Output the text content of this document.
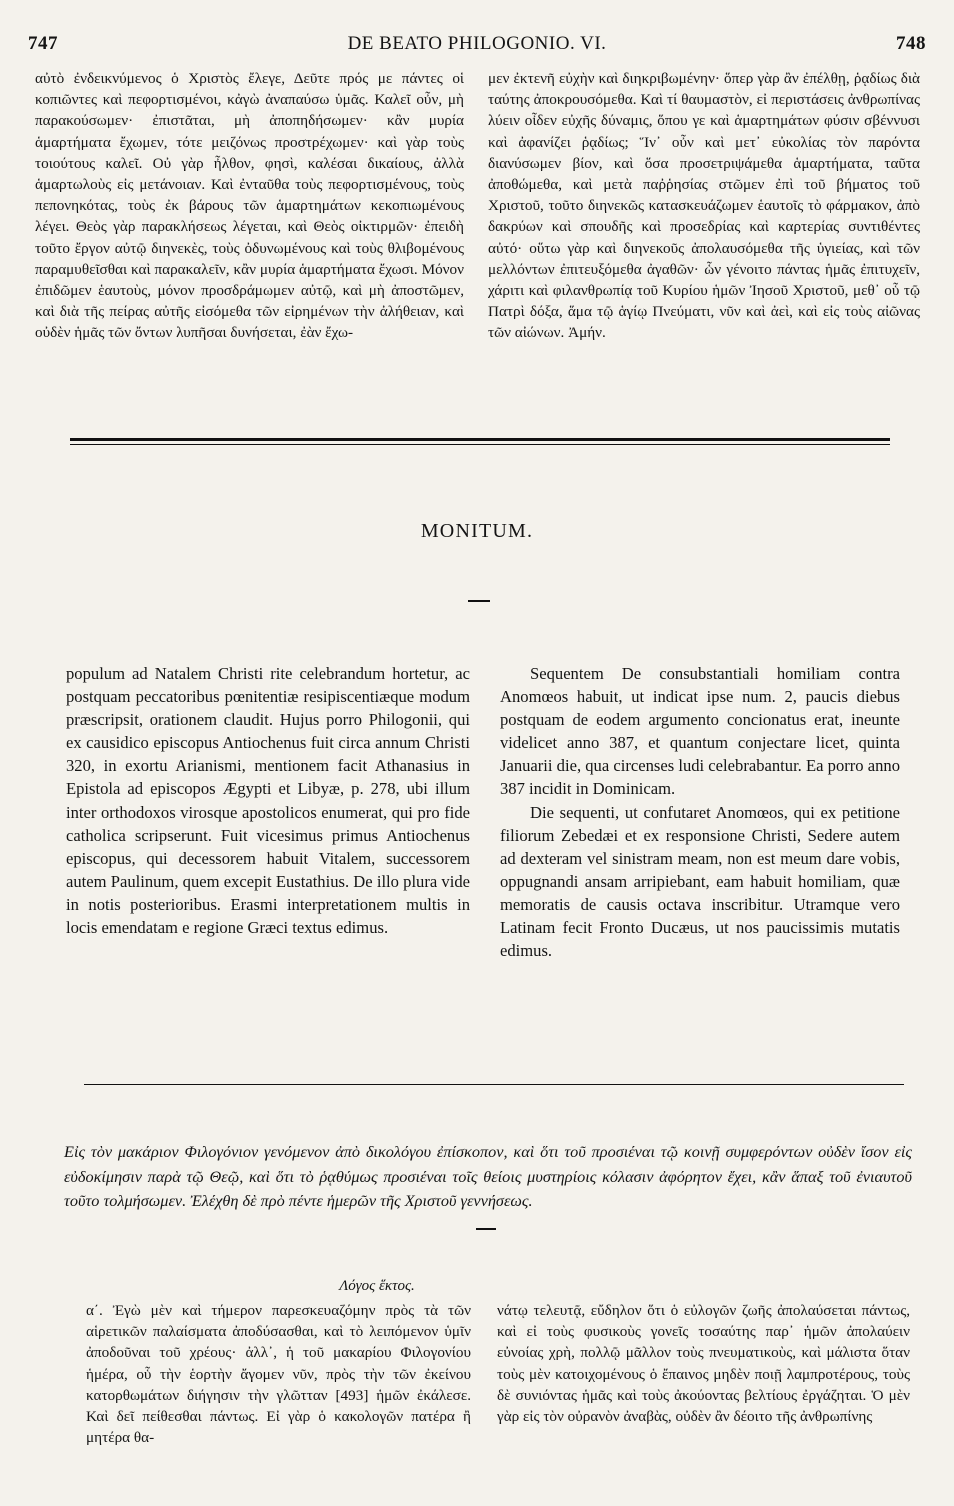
747	DE BEATO PHILOGONIO. VI.	748

αὐτὸ ἐνδεικνύμενος ὁ Χριστὸς ἔλεγε, Δεῦτε πρός με πάντες οἱ κοπιῶντες καὶ πεφορτισμένοι, κἀγὼ ἀναπαύσω ὑμᾶς. Καλεῖ οὖν, μὴ παρακούσωμεν· ἐπιστᾶται, μὴ ἀποπηδήσωμεν· κἂν μυρία ἁμαρτήματα ἔχωμεν, τότε μειζόνως προστρέχωμεν· καὶ γὰρ τοὺς τοιούτους καλεῖ. Οὐ γὰρ ἦλθον, φησὶ, καλέσαι δικαίους, ἀλλὰ ἁμαρτωλοὺς εἰς μετάνοιαν. Καὶ ἐνταῦθα τοὺς πεφορτισμένους, τοὺς πεπονηκότας, τοὺς ἐκ βάρους τῶν ἁμαρτημάτων κεκοπιωμένους λέγει. Θεὸς γὰρ παρακλήσεως λέγεται, καὶ Θεὸς οἰκτιρμῶν· ἐπειδὴ τοῦτο ἔργον αὐτῷ διηνεκὲς, τοὺς ὀδυνωμένους καὶ τοὺς θλιβομένους παραμυθεῖσθαι καὶ παρακαλεῖν, κἂν μυρία ἁμαρτήματα ἔχωσι. Μόνον ἐπιδῶμεν ἑαυτοὺς, μόνον προσδράμωμεν αὐτῷ, καὶ μὴ ἀποστῶμεν, καὶ διὰ τῆς πείρας αὐτῆς εἰσόμεθα τῶν εἰρημένων τὴν ἀλήθειαν, καὶ οὐδὲν ἡμᾶς τῶν ὄντων λυπῆσαι δυνήσεται, ἐὰν ἔχω-

μεν ἐκτενῆ εὐχὴν καὶ διηκριβωμένην· ὅπερ γὰρ ἂν ἐπέλθῃ, ῥᾳδίως διὰ ταύτης ἀποκρουσόμεθα. Καὶ τί θαυμαστὸν, εἰ περιστάσεις ἀνθρωπίνας λύειν οἶδεν εὐχῆς δύναμις, ὅπου γε καὶ ἁμαρτημάτων φύσιν σβέννυσι καὶ ἀφανίζει ῥᾳδίως; Ἵν᾽ οὖν καὶ μετ᾽ εὐκολίας τὸν παρόντα διανύσωμεν βίον, καὶ ὅσα προσετριψάμεθα ἁμαρτήματα, ταῦτα ἀποθώμεθα, καὶ μετὰ παῤῥησίας στῶμεν ἐπὶ τοῦ βήματος τοῦ Χριστοῦ, τοῦτο διηνεκῶς κατασκευάζωμεν ἑαυτοῖς τὸ φάρμακον, ἀπὸ δακρύων καὶ σπουδῆς καὶ προσεδρίας καὶ καρτερίας συντιθέντες αὐτό· οὕτω γὰρ καὶ διηνεκοῦς ἀπολαυσόμεθα τῆς ὑγιείας, καὶ τῶν μελλόντων ἐπιτευξόμεθα ἀγαθῶν· ὧν γένοιτο πάντας ἡμᾶς ἐπιτυχεῖν, χάριτι καὶ φιλανθρωπίᾳ τοῦ Κυρίου ἡμῶν Ἰησοῦ Χριστοῦ, μεθ᾽ οὗ τῷ Πατρὶ δόξα, ἅμα τῷ ἁγίῳ Πνεύματι, νῦν καὶ ἀεὶ, καὶ εἰς τοὺς αἰῶνας τῶν αἰώνων. Ἀμήν.

MONITUM.

populum ad Natalem Christi rite celebrandum hortetur, ac postquam peccatoribus pœnitentiæ resipiscentiæque modum præscripsit, orationem claudit. Hujus porro Philogonii, qui ex causidico episcopus Antiochenus fuit circa annum Christi 320, in exortu Arianismi, mentionem facit Athanasius in Epistola ad episcopos Ægypti et Libyæ, p. 278, ubi illum inter orthodoxos virosque apostolicos enumerat, qui pro fide catholica scripserunt. Fuit vicesimus primus Antiochenus episcopus, qui decessorem habuit Vitalem, successorem autem Paulinum, quem excepit Eustathius. De illo plura vide in notis posterioribus. Erasmi interpretationem multis in locis emendatam e regione Græci textus edimus.

Sequentem De consubstantiali homiliam contra Anomœos habuit, ut indicat ipse num. 2, paucis diebus postquam de eodem argumento concionatus erat, ineunte videlicet anno 387, et quantum conjectare licet, quinta Januarii die, qua circenses ludi celebrabantur. Ea porro anno 387 incidit in Dominicam.

Die sequenti, ut confutaret Anomœos, qui ex petitione filiorum Zebedæi et ex responsione Christi, Sedere autem ad dexteram vel sinistram meam, non est meum dare vobis, oppugnandi ansam arripiebant, eam habuit homiliam, quæ memoratis de causis octava inscribitur. Utramque vero Latinam fecit Fronto Ducæus, ut nos paucissimis mutatis edimus.

Εἰς τὸν μακάριον Φιλογόνιον γενόμενον ἀπὸ δικολόγου ἐπίσκοπον, καὶ ὅτι τοῦ προσιέναι τῷ κοινῇ συμφερόντων οὐδὲν ἴσον εἰς εὐδοκίμησιν παρὰ τῷ Θεῷ, καὶ ὅτι τὸ ῥᾳθύμως προσιέναι τοῖς θείοις μυστηρίοις κόλασιν ἀφόρητον ἔχει, κἂν ἅπαξ τοῦ ἐνιαυτοῦ τοῦτο τολμήσωμεν. Ἐλέχθη δὲ πρὸ πέντε ἡμερῶν τῆς Χριστοῦ γεννήσεως.
Λόγος ἕκτος.

α΄. Ἐγὼ μὲν καὶ τήμερον παρεσκευαζόμην πρὸς τὰ τῶν αἱρετικῶν παλαίσματα ἀποδύσασθαι, καὶ τὸ λειπόμενον ὑμῖν ἀποδοῦναι τοῦ χρέους· ἀλλ᾽, ἡ τοῦ μακαρίου Φιλογονίου ἡμέρα, οὗ τὴν ἑορτὴν ἄγομεν νῦν, πρὸς τὴν τῶν ἐκείνου κατορθωμάτων διήγησιν τὴν γλῶτταν [493] ἡμῶν ἐκάλεσε. Καὶ δεῖ πείθεσθαι πάντως. Εἰ γὰρ ὁ κακολογῶν πατέρα ἢ μητέρα θα-

νάτῳ τελευτᾷ, εὔδηλον ὅτι ὁ εὐλογῶν ζωῆς ἀπολαύσεται πάντως, καὶ εἰ τοὺς φυσικοὺς γονεῖς τοσαύτης παρ᾽ ἡμῶν ἀπολαύειν εὐνοίας χρὴ, πολλῷ μᾶλλον τοὺς πνευματικοὺς, καὶ μάλιστα ὅταν τοὺς μὲν κατοιχομένους ὁ ἔπαινος μηδὲν ποιῇ λαμπροτέρους, τοὺς δὲ συνιόντας ἡμᾶς καὶ τοὺς ἀκούοντας βελτίους ἐργάζηται. Ὁ μὲν γὰρ εἰς τὸν οὐρανὸν ἀναβὰς, οὐδὲν ἂν δέοιτο τῆς ἀνθρωπίνης
